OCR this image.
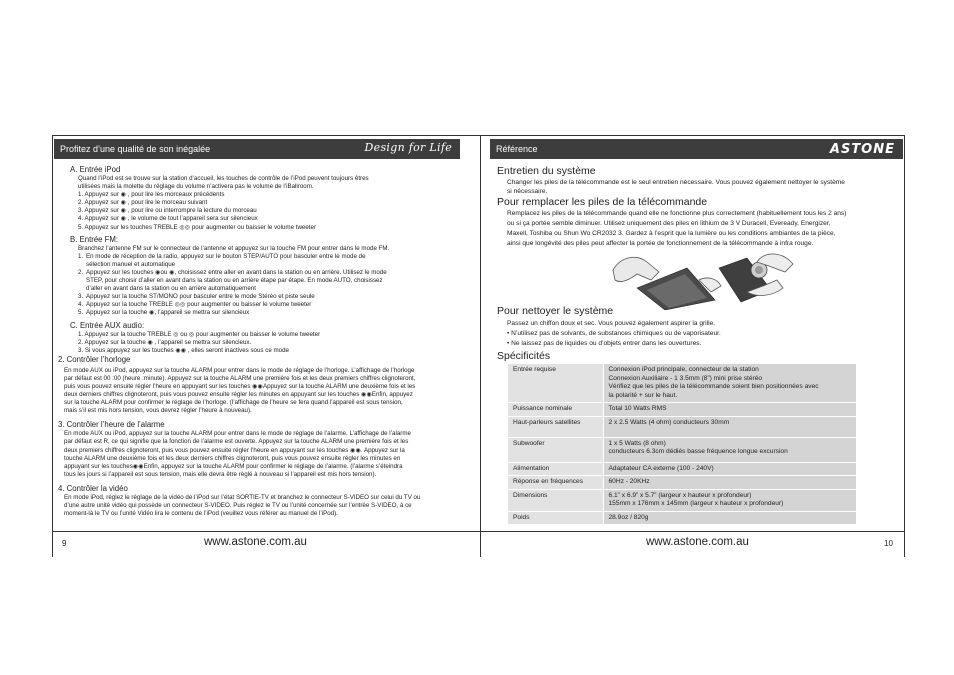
Profitez d’une qualité de son inégalée	Design for Life	Référence	ASTONE
A. Entrée iPod
Quand l’iPod est se trouve sur la station d’accueil, les touches de contrôle de l’iPod peuvent toujours êtres
utilisées mais la molette du réglage du volume n’activera pas le volume de l’iBallroom.
1. Appuyez sur ◉ , pour lire les morceaux précédents
2. Appuyez sur ◉ , pour lire le morceau suivant
3. Appuyez sur ◉ , pour lire ou interrompre la lecture du morceau
4. Appuyez sur ◉ , le volume de tout l’appareil sera sur silencieux
5. Appuyez sur les touches TREBLE ◎◎ pour augmenter ou baisser le volume tweeter
B. Entrée FM:
Branchez l’antenne FM sur le connecteur de l’antenne et appuyez sur la touche FM pour entrer dans le mode FM.
1. En mode de réception de la radio, appuyez sur le bouton STEP/AUTO pour basculer entre le mode de
sélection manuel et automatique
2. Appuyez sur les touches ◉ou ◉, choisissez entre aller en avant dans la station ou en arrière. Utilisez le mode
STEP, pour choisir d’aller en avant dans la station ou en arrière étape par étape. En mode AUTO, choisissez
d’aller en avant dans la station ou en arrière automatiquement
3. Appuyez sur la touche ST/MONO pour basculer entre le mode Stéréo et piste seule
4. Appuyez sur la touche TREBLE ◎◎ pour augmenter ou baisser le volume tweeter
5. Appuyez sur la touche ◉, l’appareil se mettra sur silencieux
C. Entrée AUX audio:
1. Appuyez sur la touche TREBLE ◎ ou ◎ pour augmenter ou baisser le volume tweeter
2. Appuyez sur la touche ◉ , l’appareil se mettra sur silencieux.
3. Si vous appuyez sur les touches ◉◉ , elles seront inactives sous ce mode
2. Contrôler l’horloge
En mode AUX ou iPod, appuyez sur la touche ALARM pour entrer dans le mode de réglage de l’horloge. L’affichage de l’horloge
par défaut est 00 :00 (heure :minute). Appuyez sur la touche ALARM une première fois et les deux premiers chiffres clignoteront,
puis vous pouvez ensuite régler l’heure en appuyant sur les touches ◉◉Appuyez sur la touche ALARM une deuxième fois et les
deux derniers chiffres clignoteront, puis vous pouvez ensuite régler les minutes en appuyant sur les touches ◉◉Enfin, appuyez
sur la touche ALARM pour confirmer le réglage de l’horloge. (l’affichage de l’heure se fera quand l’appareil est sous tension,
mais s’il est mis hors tension, vous devrez régler l’heure à nouveau).
3. Contrôler l’heure de l’alarme
En mode AUX ou iPod, appuyez sur la touche ALARM pour entrer dans le mode de réglage de l’alarme. L’affichage de l’alarme
par défaut est R, ce qui signifie que la fonction de l’alarme est ouverte. Appuyez sur la touche ALARM une première fois et les
deux premiers chiffres clignoteront, puis vous pouvez ensuite régler l’heure en appuyant sur les touches ◉◉. Appuyez sur la
touche ALARM une deuxième fois et les deux derniers chiffres clignoteront, puis vous pouvez ensuite régler les minutes en
appuyant sur les touches◉◉Enfin, appuyez sur la touche ALARM pour confirmer le réglage de l’alarme. (l’alarme s’éteindra
tous les jours si l’appareil est sous tension, mais elle devra être réglé à nouveau si l’appareil est mis hors tension).
4. Contrôler la vidéo
En mode iPod, réglez le réglage de la vidéo de l’iPod sur l’état SORTIE-TV et branchez le connecteur S-VIDEO sur celui du TV ou
d’une autre unité vidéo qui possède un connecteur S-VIDEO. Puis réglez le TV ou l’unité concernée sur l’entrée S-VIDEO, à ce
moment-là le TV ou l’unité Vidéo lira le contenu de l’iPod (veuillez vous référer au manuel de l’iPod).
9	www.astone.com.au	www.astone.com.au	10
Entretien du système
Changer les piles de la télécommande est le seul entretien nécessaire. Vous pouvez également nettoyer le système
si nécessaire.
Pour remplacer les piles de la télécommande
Remplacez les piles de la télécommande quand elle ne fonctionne plus correctement (habituellement tous les 2 ans)
ou si ça portée semble diminuer. Utilisez uniquement des piles en lithium de 3 V Duracell, Eveready, Energizer,
Maxell, Toshiba ou Shun Wo CR2032 3. Gardez à l’esprit que la lumière ou les conditions ambiantes de la pièce,
ainsi que longévité des piles peut affecter la portée de fonctionnement de la télécommande à infra rouge.
Pour nettoyer le système
Passez un chiffon doux et sec. Vous pouvez également aspirer la grille.
• N’utilisez pas de solvants, de substances chimiques ou de vaporisateur.
• Ne laissez pas de liquides ou d’objets entrer dans les ouvertures.
Spécificités
Entrée requise	Connexion iPod principale, connecteur de la station
Connexion Auxiliaire - 1 3.5mm (8”) mini prise stéréo
Vérifiez que les piles de la télécommande soient bien positionnées avec
la polarité + sur le haut.

Puissance nominale	Total 10 Watts RMS

Haut-parleurs satellites	2 x 2.5 Watts (4 ohm) conducteurs 30mm

Subwoofer	1 x 5 Watts (8 ohm)
conducteurs 6.3cm dédiés basse fréquence longue excursion

Alimentation	Adaptateur CA externe (100 - 240V)

Réponse en fréquences	60Hz - 20KHz

Dimensions	6.1” x 6.9” x 5.7” (largeur x hauteur x profondeur)
155mm x 176mm x 145mm (largeur x hauteur x profondeur)

Poids	28.9oz / 820g
